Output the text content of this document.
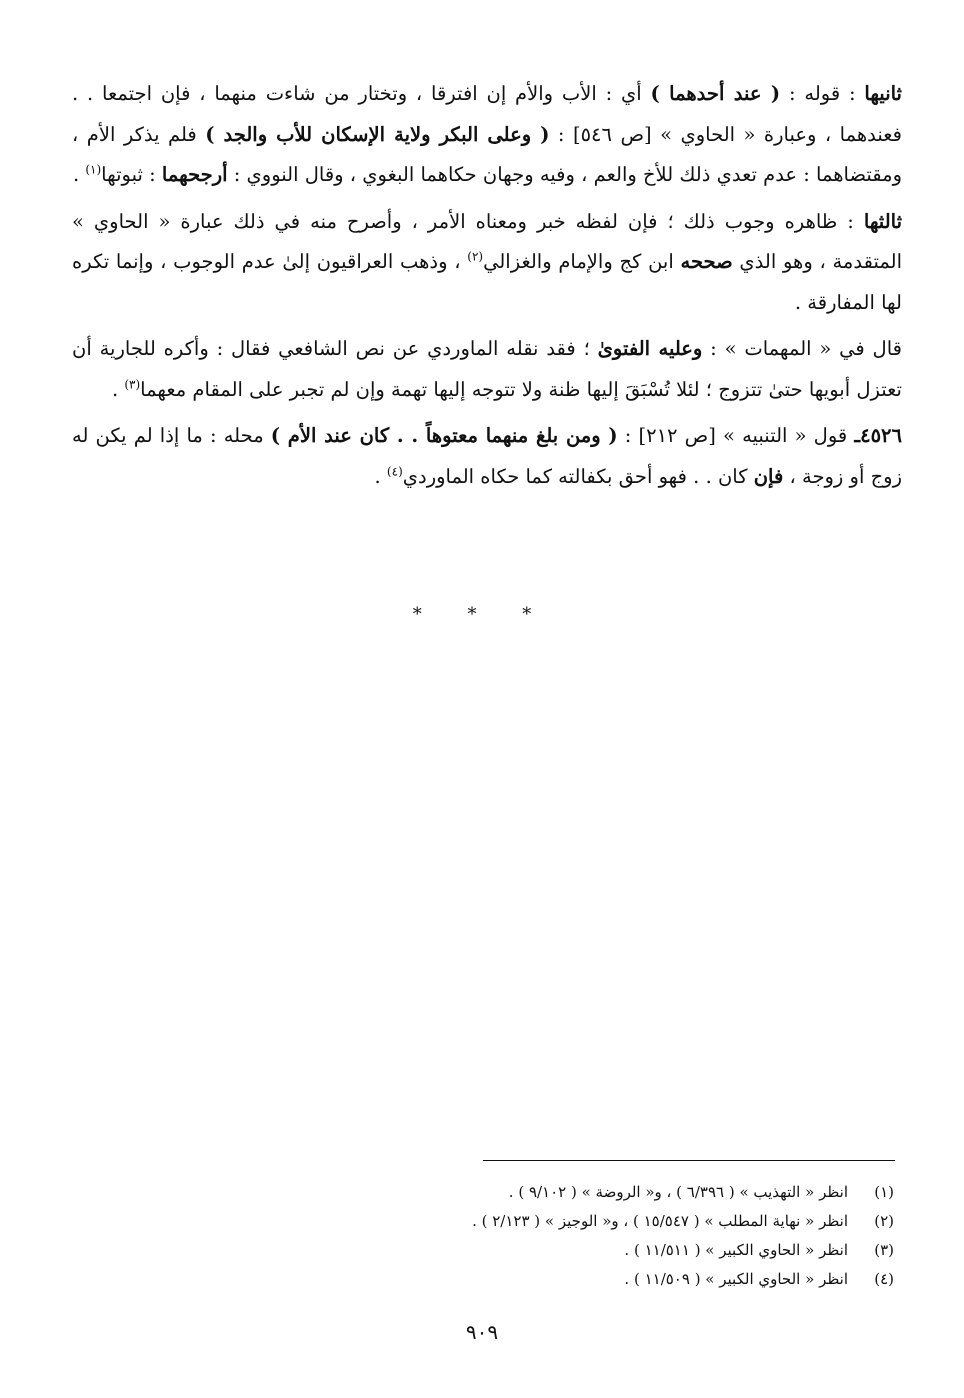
ثانيها : قوله : ( عند أحدهما ) أي : الأب والأم إن افترقا ، وتختار من شاءت منهما ، فإن اجتمعا . . فعندهما ، وعبارة « الحاوي » [ص ٥٤٦] : ( وعلى البكر ولاية الإسكان للأب والجد ) فلم يذكر الأم ، ومقتضاهما : عدم تعدي ذلك للأخ والعم ، وفيه وجهان حكاهما البغوي ، وقال النووي : أرجحهما : ثبوتها$^{(١)}$ .

ثالثها : ظاهره وجوب ذلك ؛ فإن لفظه خبر ومعناه الأمر ، وأصرح منه في ذلك عبارة « الحاوي » المتقدمة ، وهو الذي صححه ابن كج والإمام والغزالي$^{(٢)}$ ، وذهب العراقيون إلىٰ عدم الوجوب ، وإنما تكره لها المفارقة .

قال في « المهمات » : وعليه الفتوىٰ ؛ فقد نقله الماوردي عن نص الشافعي فقال : وأكره للجارية أن تعتزل أبويها حتىٰ تتزوج ؛ لئلا تُسْبَقَ إليها ظنة ولا تتوجه إليها تهمة وإن لم تجبر على المقام معهما$^{(٣)}$ .

٤٥٢٦ـ قول « التنبيه » [ص ٢١٢] : ( ومن بلغ منهما معتوهاً . . كان عند الأم ) محله : ما إذا لم يكن له زوج أو زوجة ، فإن كان . . فهو أحق بكفالته كما حكاه الماوردي$^{(٤)}$ .

* * *
(١)انظر « التهذيب » ( ٦/٣٩٦ ) ، و« الروضة » ( ٩/١٠٢ ) .
(٢)انظر « نهاية المطلب » ( ١٥/٥٤٧ ) ، و« الوجيز » ( ٢/١٢٣ ) .
(٣)انظر « الحاوي الكبير » ( ١١/٥١١ ) .
(٤)انظر « الحاوي الكبير » ( ١١/٥٠٩ ) .
٩٠٩
